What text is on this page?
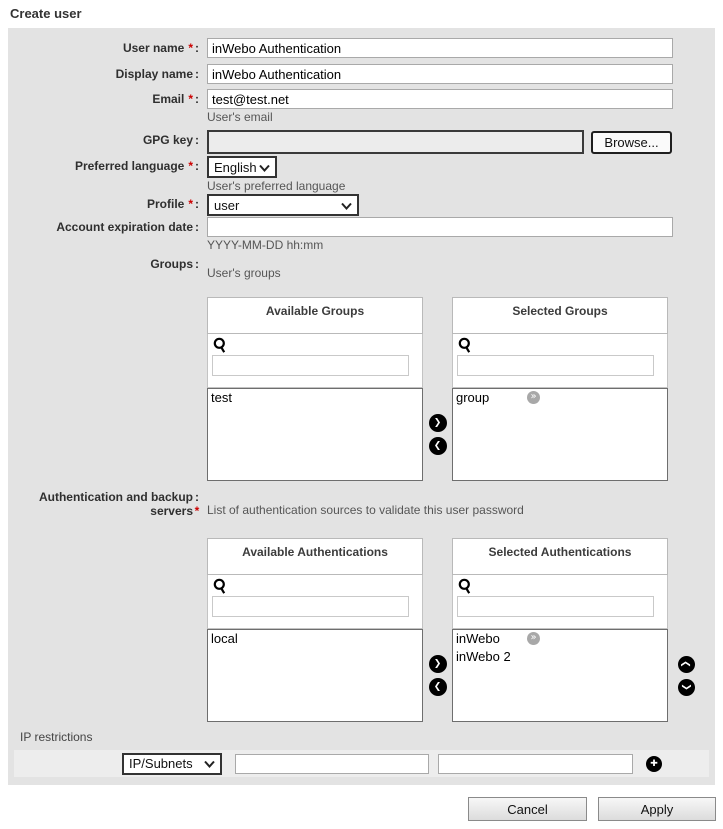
Create user
User name * :
inWebo Authentication
Display name :
inWebo Authentication
Email * :
test@test.net
User's email
GPG key :	Browse...
Preferred language * : English
User's preferred language
Profile * : user
Account expiration date :
YYYY-MM-DD hh:mm
Groups :
User's groups
Available Groups
test
❯
❮
Selected Groups
group	»
Authentication and backup :
servers * List of authentication sources to validate this user password
Available Authentications
local
❯
❮
Selected Authentications
inWebo	»
inWebo 2	❯
❯
IP restrictions
IP/Subnets	✚
Cancel	Apply
